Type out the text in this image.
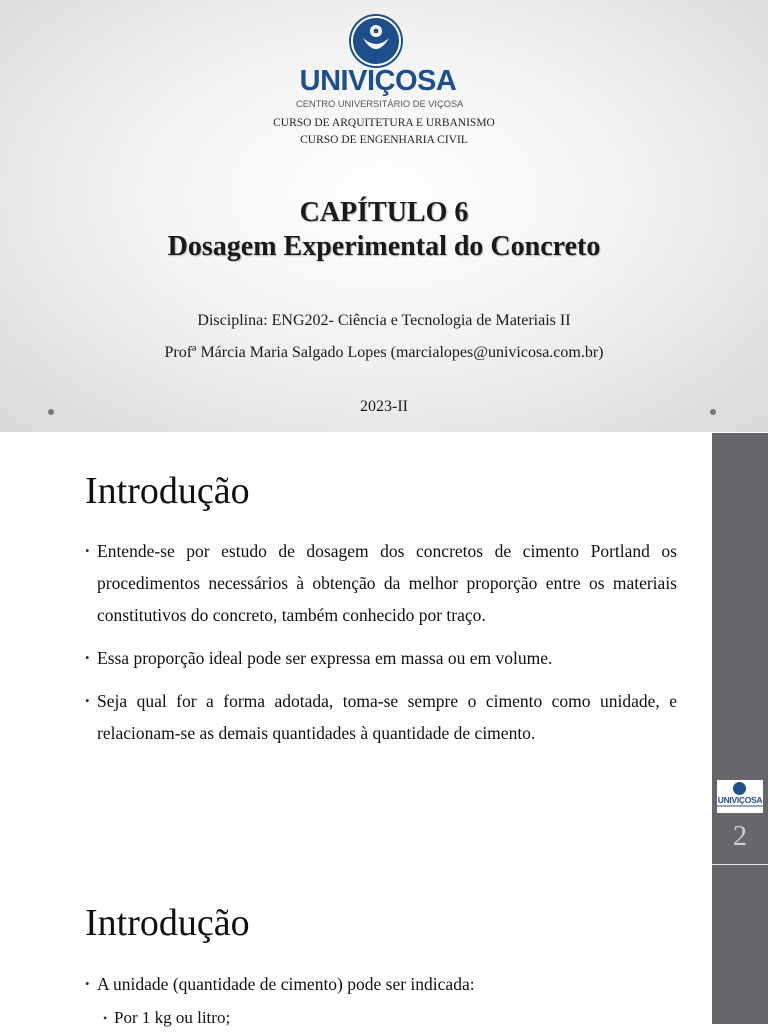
UNIVIÇOSA
CENTRO UNIVERSITÁRIO DE VIÇOSA
CURSO DE ARQUITETURA E URBANISMO
CURSO DE ENGENHARIA CIVIL
CAPÍTULO 6
Dosagem Experimental do Concreto
Disciplina: ENG202- Ciência e Tecnologia de Materiais II
Profª Márcia Maria Salgado Lopes (marcialopes@univicosa.com.br)
2023-II
UNIVIÇOSA
2
Introdução
• Entende-se por estudo de dosagem dos concretos de cimento Portland os procedimentos necessários à obtenção da melhor proporção entre os materiais constitutivos do concreto, também conhecido por traço.
• Essa proporção ideal pode ser expressa em massa ou em volume.
• Seja qual for a forma adotada, toma-se sempre o cimento como unidade, e relacionam-se as demais quantidades à quantidade de cimento.
Introdução
• A unidade (quantidade de cimento) pode ser indicada:
• Por 1 kg ou litro;
